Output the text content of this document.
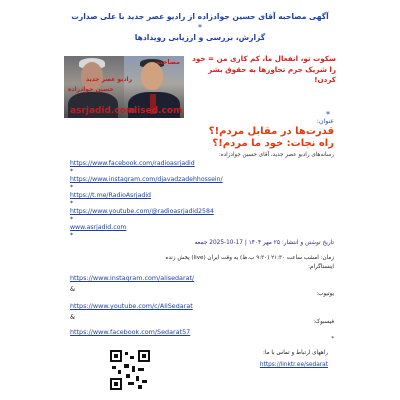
آگهی مصاحبه آقای حسین جوادزاده از رادیو عصر جدید با علی صدارت
*
گزارش، بررسی و ارزیابی رویدادها
مصاحبه
رادیو عصر جدید
حسین جوادزاده
asrjadid.com
alised.com
سکوت تو، انفعال ما، کم کاری من = خود را شریک جرم تجاوزها به حقوق بشر کردن!
*
عنوان:
قدرت‌ها در مقابل مردم!؟
راه نجات: خود ما مردم!؟
رسانه‌های رادیو عصر جدید، آقای حسین جوادزاده:
https://www.facebook.com/radioasrjadid
*
https://www.instagram.com/djavadzadehhossein/
*
https://t.me/RadioAsrjadid
*
https://www.youtube.com/@radioasrjadid2584
*
www.asrjadid.com
*
تاریخ توشتن و انتشار: ۲۵ مهر ۱۴۰۴ | 17-10-2025 جمعه
زمان: امشب ساعت ۲۱:۳۰ (۹:۳۰ ب.ظ) به وقت ایران (live) پخش زنده
اینستاگرام:
https://www.instagram.com/alisedarat/
&
یوتیوب:
https://www.youtube.com/c/AliSedarat
&
فیسبوک:
https://www.facebook.com/Sedarat57
*
راههای ارتباط و تماس با ما:
https://linktr.ee/sedarat
